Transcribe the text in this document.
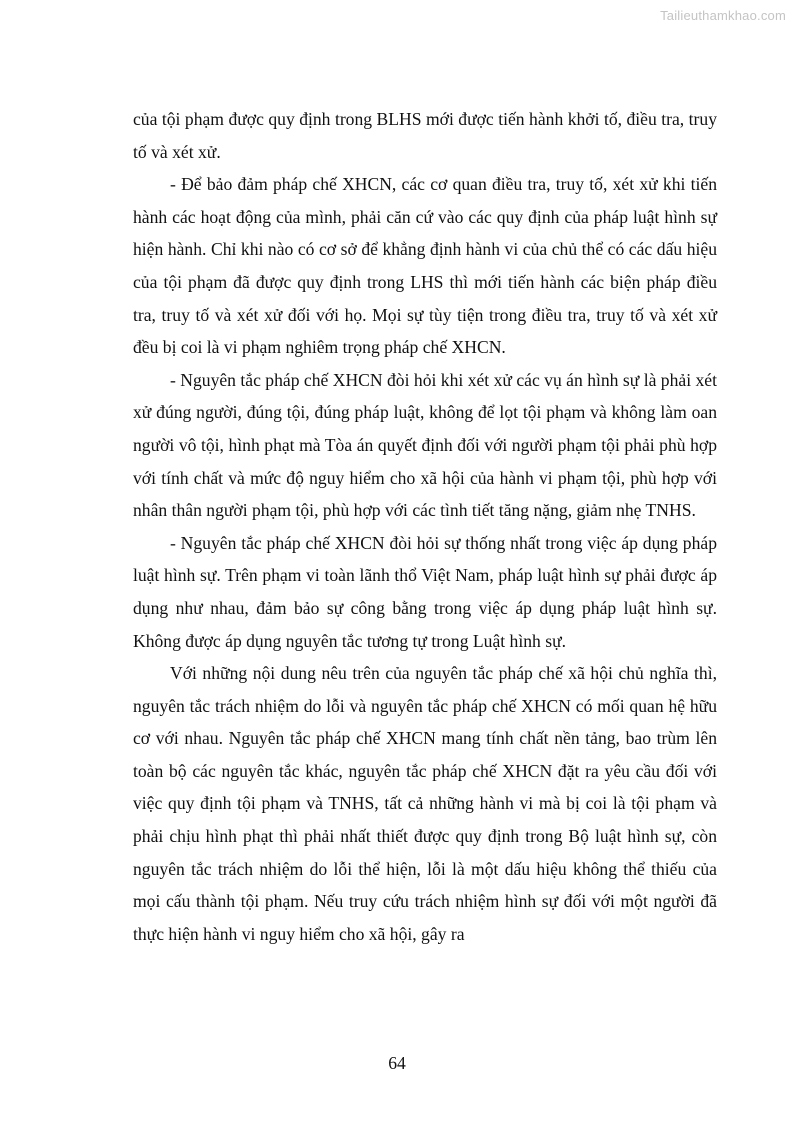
Tailieuthamkhao.com

của tội phạm được quy định trong BLHS mới được tiến hành khởi tố, điều tra, truy tố và xét xử.

- Để bảo đảm pháp chế XHCN, các cơ quan điều tra, truy tố, xét xử khi tiến hành các hoạt động của mình, phải căn cứ vào các quy định của pháp luật hình sự hiện hành. Chỉ khi nào có cơ sở để khẳng định hành vi của chủ thể có các dấu hiệu của tội phạm đã được quy định trong LHS thì mới tiến hành các biện pháp điều tra, truy tố và xét xử đối với họ. Mọi sự tùy tiện trong điều tra, truy tố và xét xử đều bị coi là vi phạm nghiêm trọng pháp chế XHCN.

- Nguyên tắc pháp chế XHCN đòi hỏi khi xét xử các vụ án hình sự là phải xét xử đúng người, đúng tội, đúng pháp luật, không để lọt tội phạm và không làm oan người vô tội, hình phạt mà Tòa án quyết định đối với người phạm tội phải phù hợp với tính chất và mức độ nguy hiểm cho xã hội của hành vi phạm tội, phù hợp với nhân thân người phạm tội, phù hợp với các tình tiết tăng nặng, giảm nhẹ TNHS.

- Nguyên tắc pháp chế XHCN đòi hỏi sự thống nhất trong việc áp dụng pháp luật hình sự. Trên phạm vi toàn lãnh thổ Việt Nam, pháp luật hình sự phải được áp dụng như nhau, đảm bảo sự công bằng trong việc áp dụng pháp luật hình sự. Không được áp dụng nguyên tắc tương tự trong Luật hình sự.

Với những nội dung nêu trên của nguyên tắc pháp chế xã hội chủ nghĩa thì, nguyên tắc trách nhiệm do lỗi và nguyên tắc pháp chế XHCN có mối quan hệ hữu cơ với nhau. Nguyên tắc pháp chế XHCN mang tính chất nền tảng, bao trùm lên toàn bộ các nguyên tắc khác, nguyên tắc pháp chế XHCN đặt ra yêu cầu đối với việc quy định tội phạm và TNHS, tất cả những hành vi mà bị coi là tội phạm và phải chịu hình phạt thì phải nhất thiết được quy định trong Bộ luật hình sự, còn nguyên tắc trách nhiệm do lỗi thể hiện, lỗi là một dấu hiệu không thể thiếu của mọi cấu thành tội phạm. Nếu truy cứu trách nhiệm hình sự đối với một người đã thực hiện hành vi nguy hiểm cho xã hội, gây ra

64
